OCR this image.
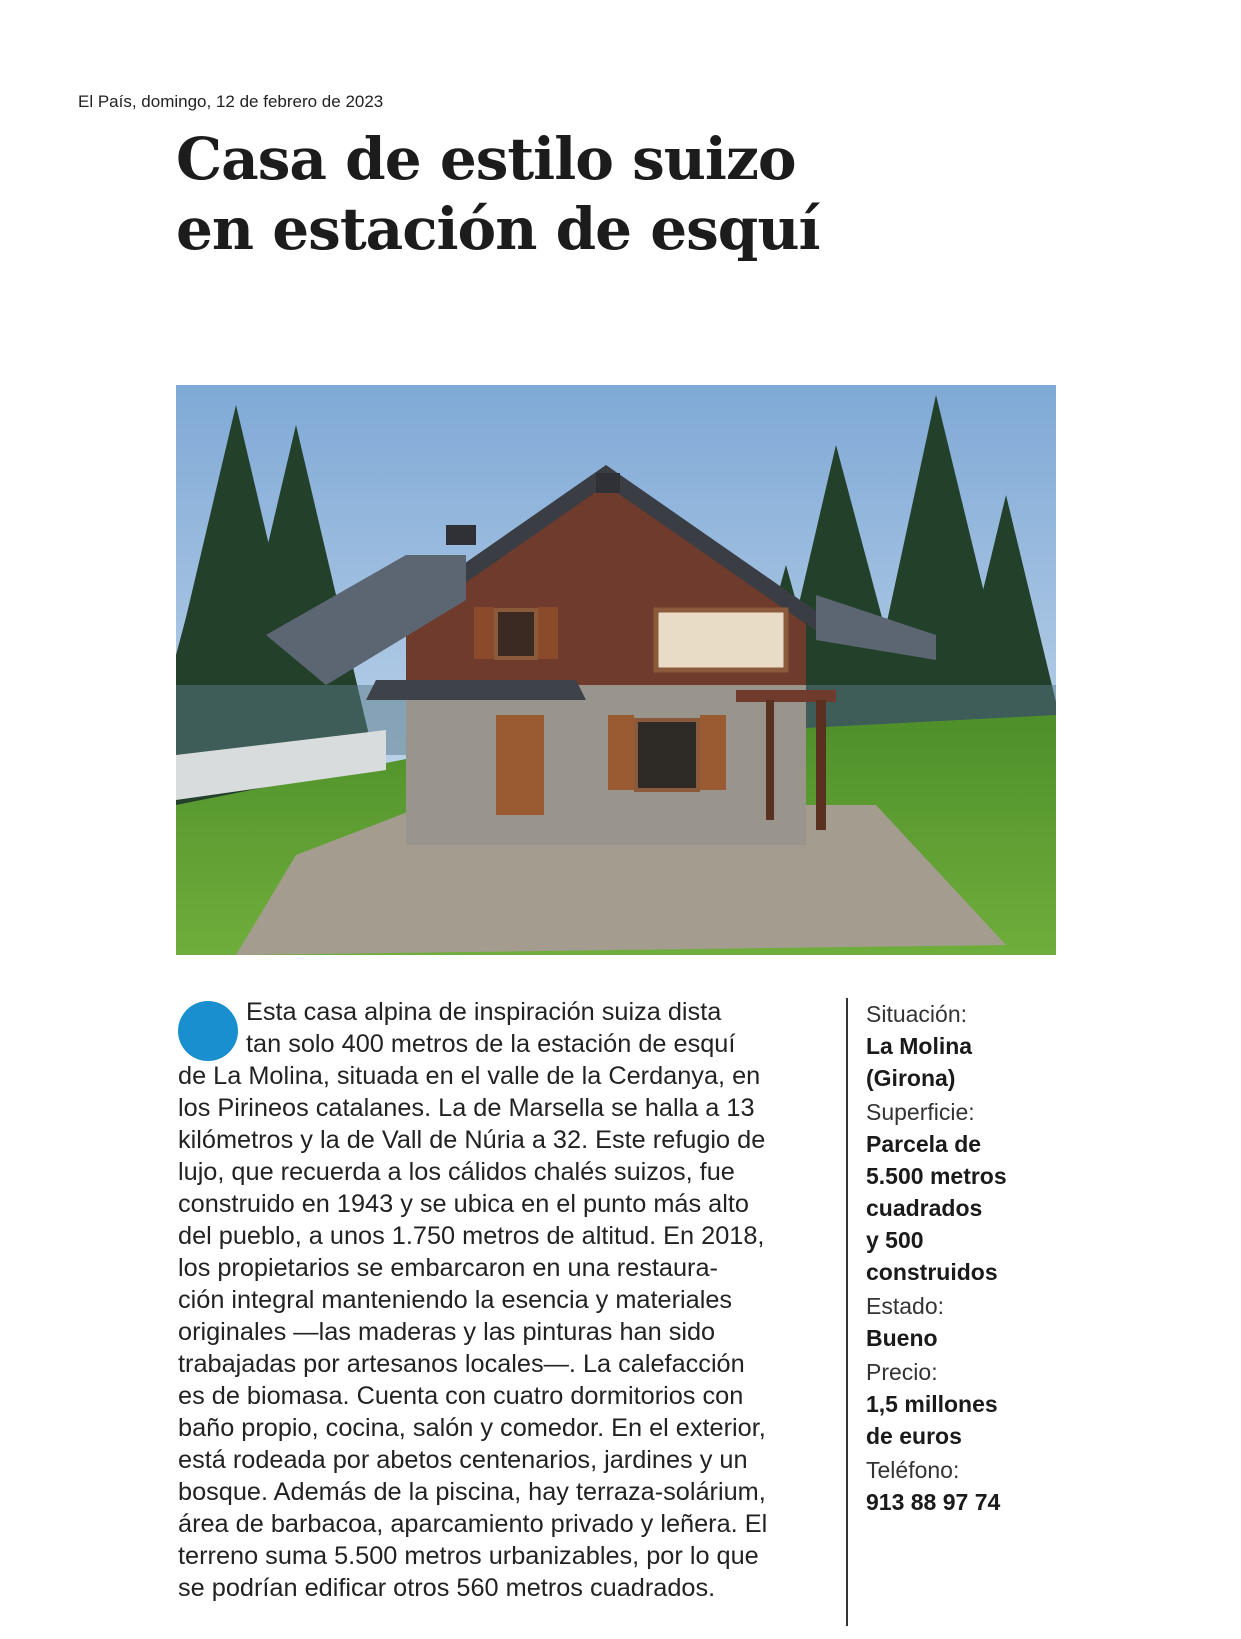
El País, domingo, 12 de febrero de 2023
Casa de estilo suizo
en estación de esquí

Esta casa alpina de inspiración suiza dista
tan solo 400 metros de la estación de esquí
de La Molina, situada en el valle de la Cerdanya, en
los Pirineos catalanes. La de Marsella se halla a 13
kilómetros y la de Vall de Núria a 32. Este refugio de
lujo, que recuerda a los cálidos chalés suizos, fue
construido en 1943 y se ubica en el punto más alto
del pueblo, a unos 1.750 metros de altitud. En 2018,
los propietarios se embarcaron en una restaura-
ción integral manteniendo la esencia y materiales
originales —las maderas y las pinturas han sido
trabajadas por artesanos locales—. La calefacción
es de biomasa. Cuenta con cuatro dormitorios con
baño propio, cocina, salón y comedor. En el exterior,
está rodeada por abetos centenarios, jardines y un
bosque. Además de la piscina, hay terraza-solárium,
área de barbacoa, aparcamiento privado y leñera. El
terreno suma 5.500 metros urbanizables, por lo que
se podrían edificar otros 560 metros cuadrados.

Situación:
La Molina
(Girona)
Superficie:
Parcela de
5.500 metros
cuadrados
y 500
construidos
Estado:
Bueno
Precio:
1,5 millones
de euros
Teléfono:
913 88 97 74
